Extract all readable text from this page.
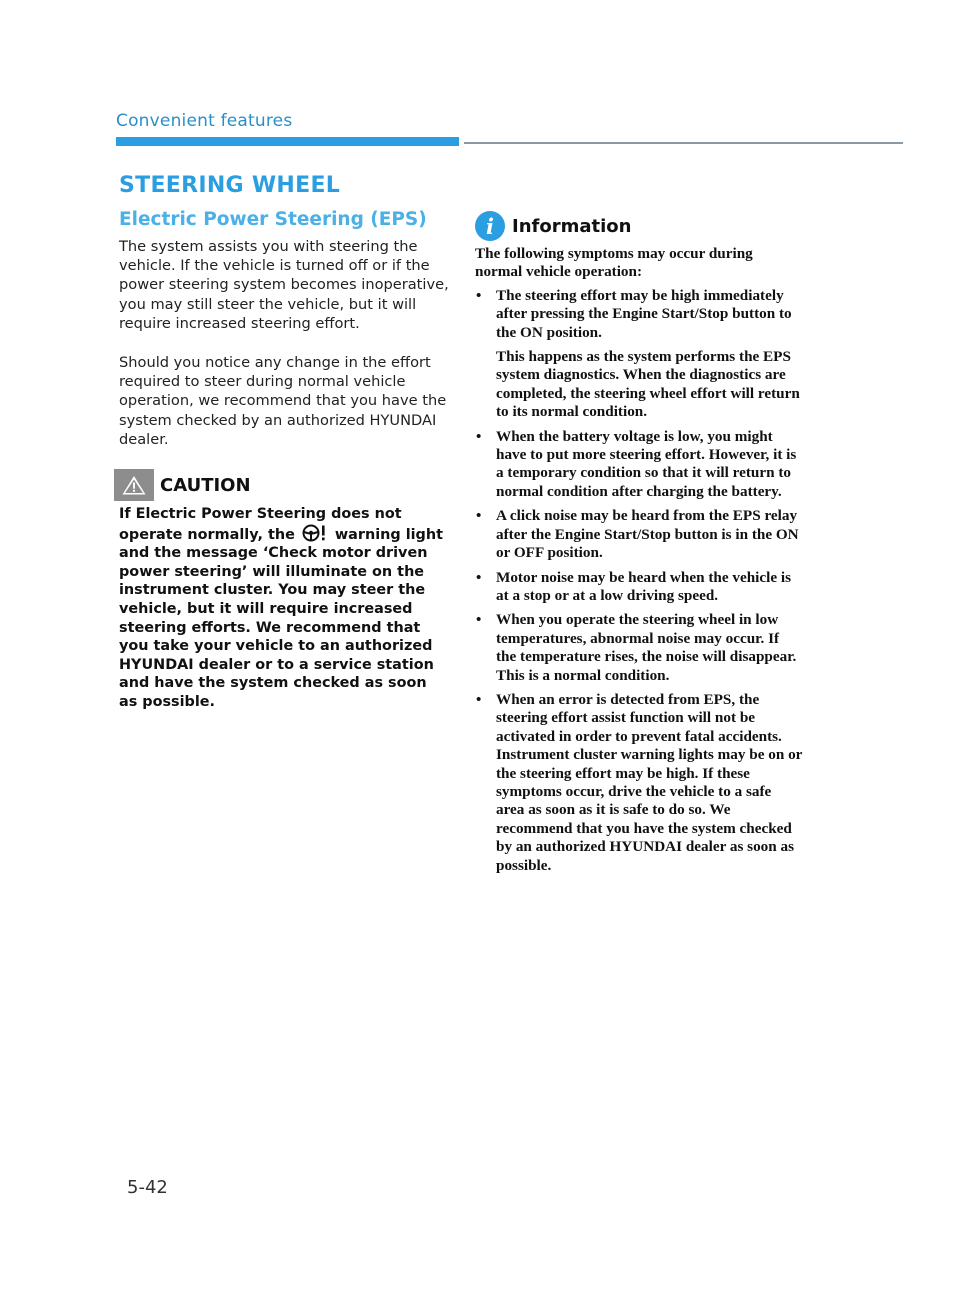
Convenient features
STEERING WHEEL
Electric Power Steering (EPS)

The system assists you with steering the vehicle. If the vehicle is turned off or if the power steering system becomes inoperative, you may still steer the vehicle, but it will require increased steering effort.

Should you notice any change in the effort required to steer during normal vehicle operation, we recommend that you have the system checked by an authorized HYUNDAI dealer.

CAUTION
If Electric Power Steering does not operate normally, the	warning light and the message ‘Check motor driven power steering’ will illuminate on the instrument cluster. You may steer the vehicle, but it will require increased steering efforts. We recommend that you take your vehicle to an authorized HYUNDAI dealer or to a service station and have the system checked as soon as possible.
i	Information

The following symptoms may occur during normal vehicle operation:

• The steering effort may be high immediately after pressing the Engine Start/Stop button to the ON position.
This happens as the system performs the EPS system diagnostics. When the diagnostics are completed, the steering wheel effort will return to its normal condition.
• When the battery voltage is low, you might have to put more steering effort. However, it is a temporary condition so that it will return to normal condition after charging the battery.
• A click noise may be heard from the EPS relay after the Engine Start/Stop button is in the ON or OFF position.
• Motor noise may be heard when the vehicle is at a stop or at a low driving speed.
• When you operate the steering wheel in low temperatures, abnormal noise may occur. If the temperature rises, the noise will disappear. This is a normal condition.
• When an error is detected from EPS, the steering effort assist function will not be activated in order to prevent fatal accidents. Instrument cluster warning lights may be on or the steering effort may be high. If these symptoms occur, drive the vehicle to a safe area as soon as it is safe to do so. We recommend that you have the system checked by an authorized HYUNDAI dealer as soon as possible.
5-42
